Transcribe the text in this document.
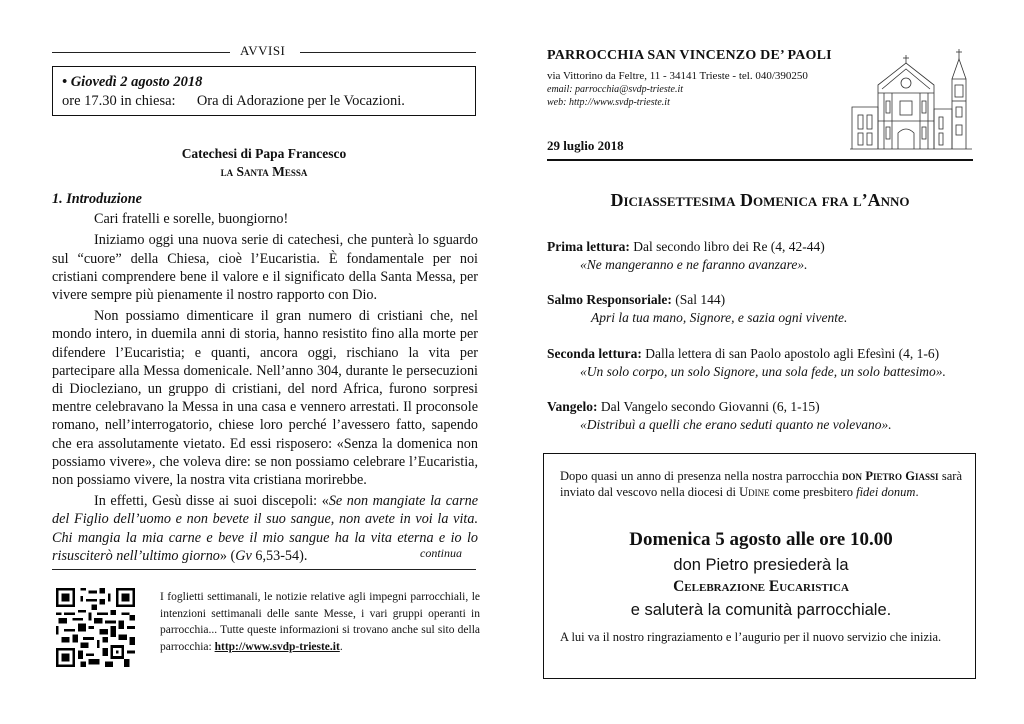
AVVISI
• Giovedì 2 agosto 2018
ore 17.30 in chiesa: Ora di Adorazione per le Vocazioni.
Catechesi di Papa Francesco
la Santa Messa
1. Introduzione

Cari fratelli e sorelle, buongiorno!

Iniziamo oggi una nuova serie di catechesi, che punterà lo sguardo sul “cuore” della Chiesa, cioè l’Eucaristia. È fondamentale per noi cristiani comprendere bene il valore e il significato della Santa Messa, per vivere sempre più pienamente il nostro rapporto con Dio.

Non possiamo dimenticare il gran numero di cristiani che, nel mondo intero, in duemila anni di storia, hanno resistito fino alla morte per difendere l’Eucaristia; e quanti, ancora oggi, rischiano la vita per partecipare alla Messa domenicale. Nell’anno 304, durante le persecuzioni di Diocleziano, un gruppo di cristiani, del nord Africa, furono sorpresi mentre celebravano la Messa in una casa e vennero arrestati. Il proconsole romano, nell’interrogatorio, chiese loro perché l’avessero fatto, sapendo che era assolutamente vietato. Ed essi risposero: «Senza la domenica non possiamo vivere», che voleva dire: se non possiamo celebrare l’Eucaristia, non possiamo vivere, la nostra vita cristiana morirebbe.

In effetti, Gesù disse ai suoi discepoli: «Se non mangiate la carne del Figlio dell’uomo e non bevete il suo sangue, non avete in voi la vita. Chi mangia la mia carne e beve il mio sangue ha la vita eterna e io lo risusciterò nell’ultimo giorno» (Gv 6,53-54).	continua
I foglietti settimanali, le notizie relative agli impegni parrocchiali, le intenzioni settimanali delle sante Messe, i vari gruppi operanti in parrocchia... Tutte queste informazioni si trovano anche sul sito della parrocchia: http://www.svdp-trieste.it.
PARROCCHIA SAN VINCENZO DE’ PAOLI
via Vittorino da Feltre, 11 - 34141 Trieste - tel. 040/390250
email: parrocchia@svdp-trieste.it
web: http://www.svdp-trieste.it
29 luglio 2018
Diciassettesima Domenica fra l’Anno
Prima lettura: Dal secondo libro dei Re (4, 42-44)
«Ne mangeranno e ne faranno avanzare».
Salmo Responsoriale: (Sal 144)
Apri la tua mano, Signore, e sazia ogni vivente.
Seconda lettura: Dalla lettera di san Paolo apostolo agli Efesìni (4, 1-6)
«Un solo corpo, un solo Signore, una sola fede, un solo battesimo».
Vangelo: Dal Vangelo secondo Giovanni (6, 1-15)
«Distribuì a quelli che erano seduti quanto ne volevano».
Dopo quasi un anno di presenza nella nostra parrocchia don Pietro Giassi sarà inviato dal vescovo nella diocesi di Udine come presbitero fidei donum.
Domenica 5 agosto alle ore 10.00
don Pietro presiederà la
Celebrazione Eucaristica
e saluterà la comunità parrocchiale.
A lui va il nostro ringraziamento e l’augurio per il nuovo servizio che inizia.
